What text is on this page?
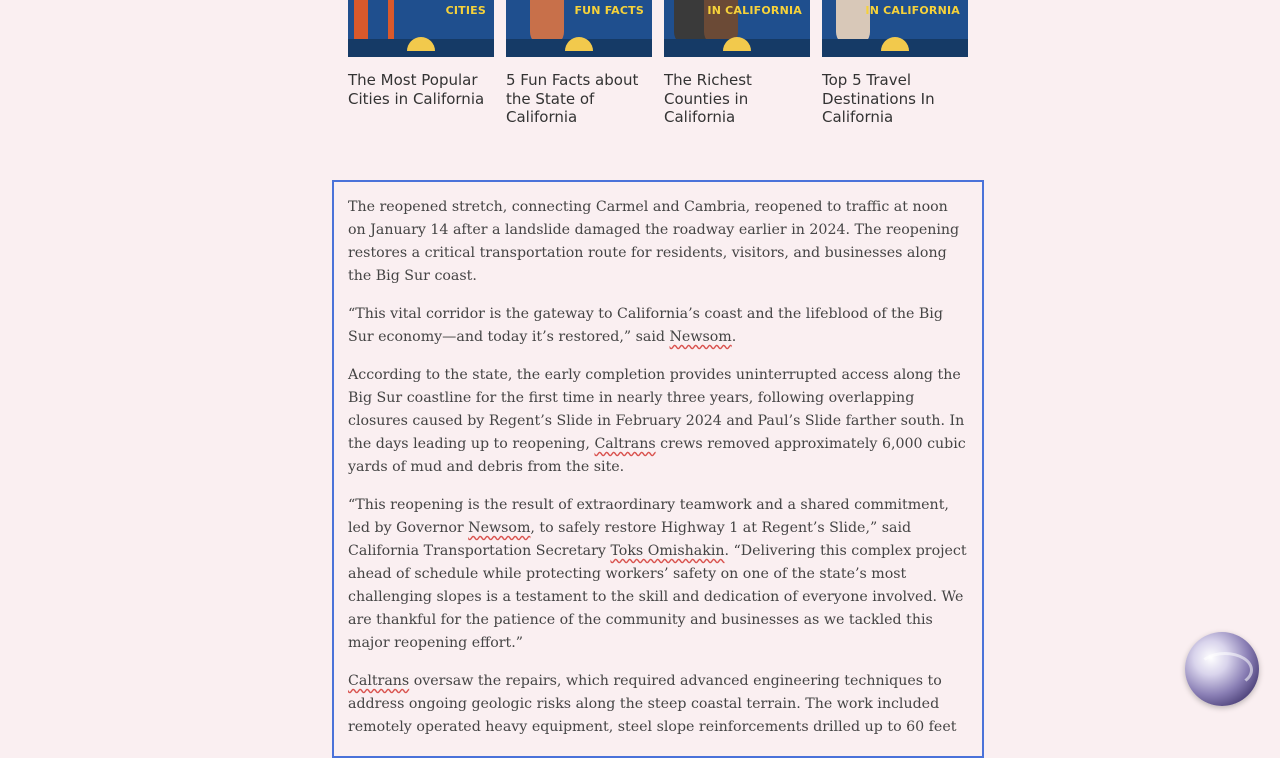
CITIES
The Most Popular Cities in California
FUN FACTS
5 Fun Facts about the State of California
IN CALIFORNIA
The Richest Counties in California
IN CALIFORNIA
Top 5 Travel Destinations In California

The reopened stretch, connecting Carmel and Cambria, reopened to traffic at noon on January 14 after a landslide damaged the roadway earlier in 2024. The reopening restores a critical transportation route for residents, visitors, and businesses along the Big Sur coast.

“This vital corridor is the gateway to California’s coast and the lifeblood of the Big Sur economy—and today it’s restored,” said Newsom.

According to the state, the early completion provides uninterrupted access along the Big Sur coastline for the first time in nearly three years, following overlapping closures caused by Regent’s Slide in February 2024 and Paul’s Slide farther south. In the days leading up to reopening, Caltrans crews removed approximately 6,000 cubic yards of mud and debris from the site.

“This reopening is the result of extraordinary teamwork and a shared commitment, led by Governor Newsom, to safely restore Highway 1 at Regent’s Slide,” said California Transportation Secretary Toks Omishakin. “Delivering this complex project ahead of schedule while protecting workers’ safety on one of the state’s most challenging slopes is a testament to the skill and dedication of everyone involved. We are thankful for the patience of the community and businesses as we tackled this major reopening effort.”

Caltrans oversaw the repairs, which required advanced engineering techniques to address ongoing geologic risks along the steep coastal terrain. The work included remotely operated heavy equipment, steel slope reinforcements drilled up to 60 feet
